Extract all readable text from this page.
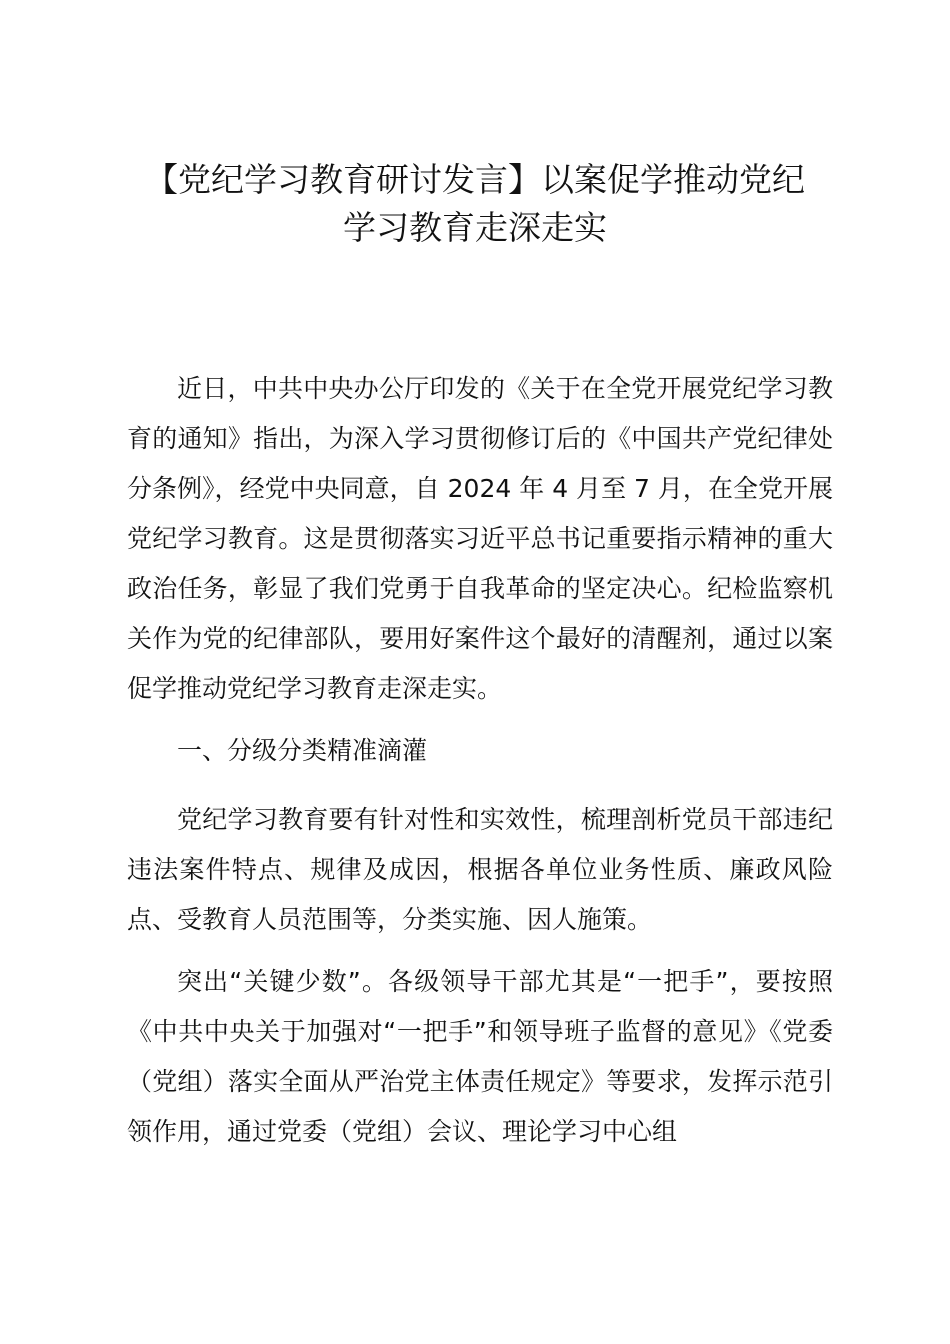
【党纪学习教育研讨发言】以案促学推动党纪
学习教育走深走实

近日，中共中央办公厅印发的《关于在全党开展党纪学习教育的通知》指出，为深入学习贯彻修订后的《中国共产党纪律处分条例》，经党中央同意，自 2024 年 4 月至 7 月，在全党开展党纪学习教育。这是贯彻落实习近平总书记重要指示精神的重大政治任务，彰显了我们党勇于自我革命的坚定决心。纪检监察机关作为党的纪律部队，要用好案件这个最好的清醒剂，通过以案促学推动党纪学习教育走深走实。

一、分级分类精准滴灌

党纪学习教育要有针对性和实效性，梳理剖析党员干部违纪违法案件特点、规律及成因，根据各单位业务性质、廉政风险点、受教育人员范围等，分类实施、因人施策。

突出“关键少数”。各级领导干部尤其是“一把手”，要按照《中共中央关于加强对“一把手”和领导班子监督的意见》《党委（党组）落实全面从严治党主体责任规定》等要求，发挥示范引领作用，通过党委（党组）会议、理论学习中心组
